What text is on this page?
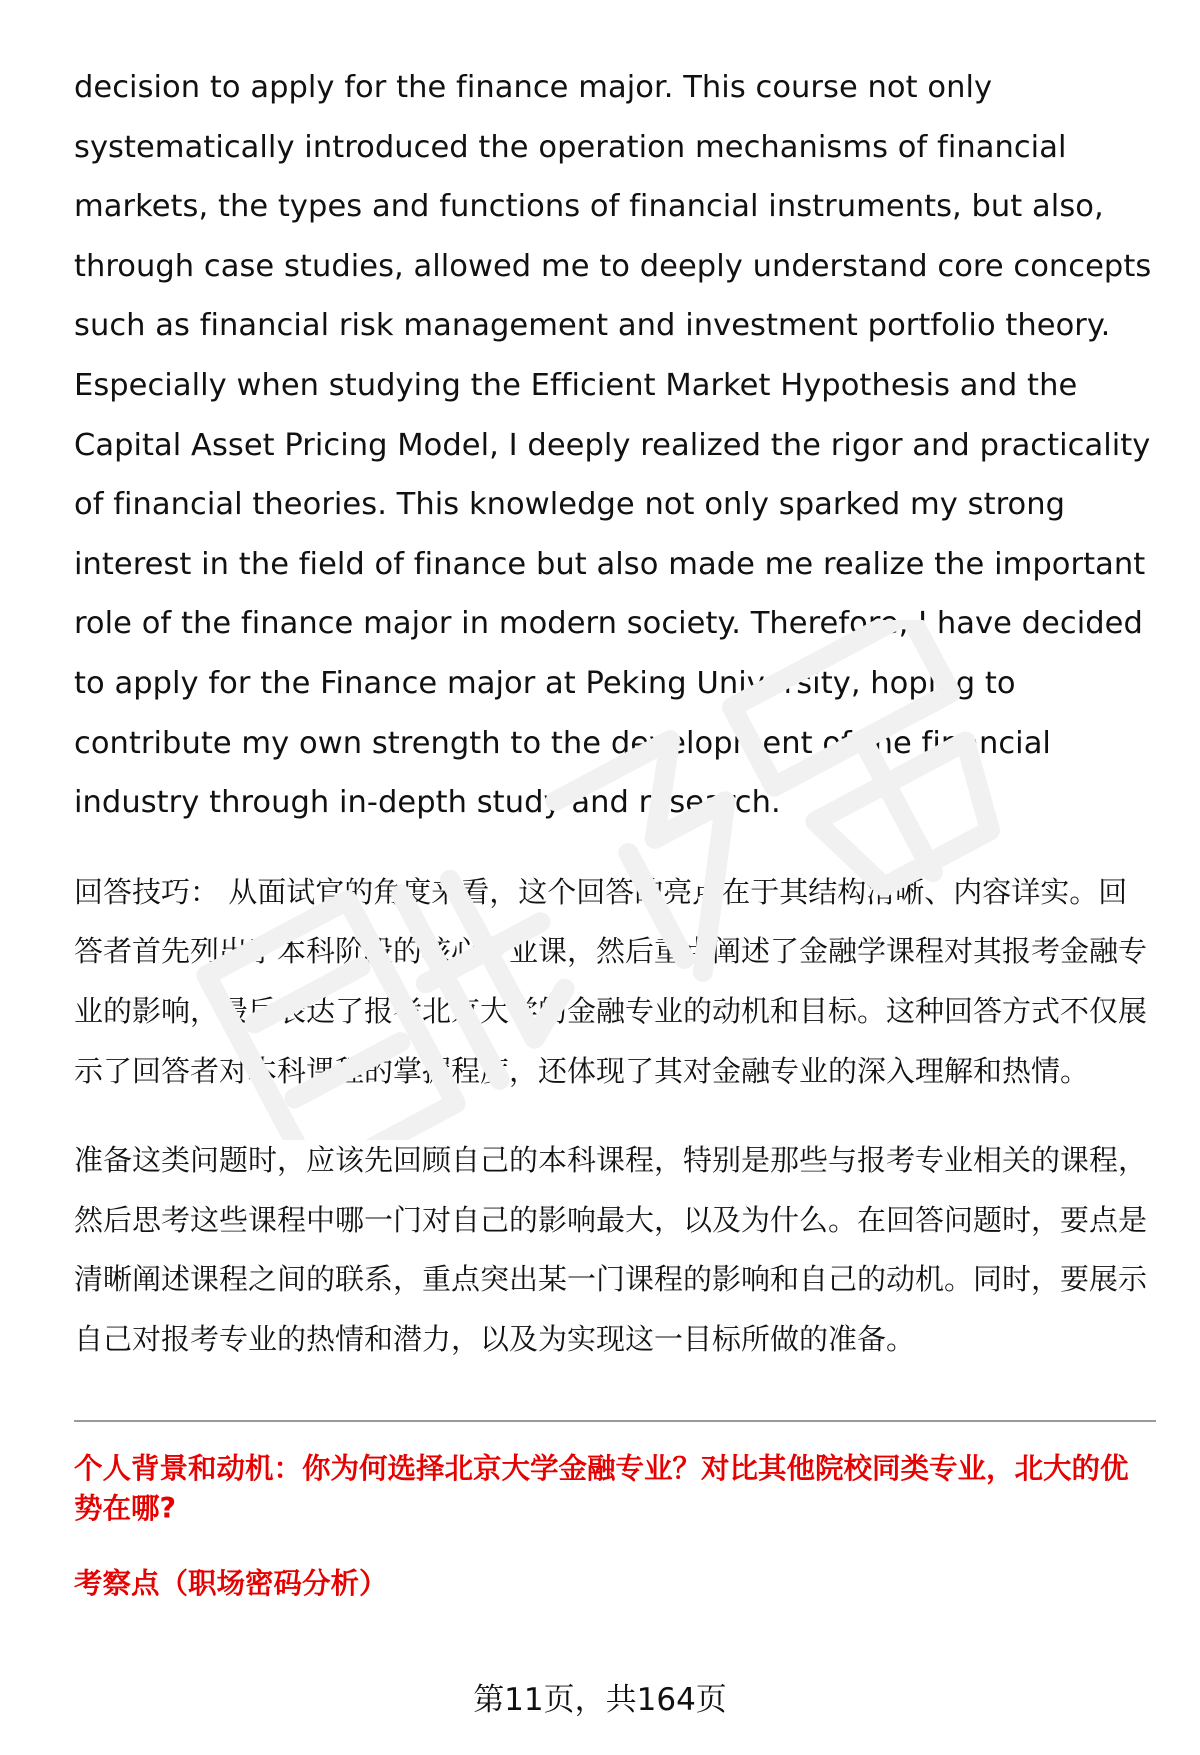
decision to apply for the finance major. This course not only systematically introduced the operation mechanisms of financial markets, the types and functions of financial instruments, but also, through case studies, allowed me to deeply understand core concepts such as financial risk management and investment portfolio theory. Especially when studying the Efficient Market Hypothesis and the Capital Asset Pricing Model, I deeply realized the rigor and practicality of financial theories. This knowledge not only sparked my strong interest in the field of finance but also made me realize the important role of the finance major in modern society. Therefore, I have decided to apply for the Finance major at Peking University, hoping to contribute my own strength to the development of the financial industry through in-depth study and research.

回答技巧： 从面试官的角度来看，这个回答的亮点在于其结构清晰、内容详实。回答者首先列出了本科阶段的核心专业课，然后重点阐述了金融学课程对其报考金融专业的影响，最后表达了报考北京大学的金融专业的动机和目标。这种回答方式不仅展示了回答者对本科课程的掌握程度，还体现了其对金融专业的深入理解和热情。

准备这类问题时，应该先回顾自己的本科课程，特别是那些与报考专业相关的课程，然后思考这些课程中哪一门对自己的影响最大，以及为什么。在回答问题时，要点是清晰阐述课程之间的联系，重点突出某一门课程的影响和自己的动机。同时，要展示自己对报考专业的热情和潜力，以及为实现这一目标所做的准备。

个人背景和动机：你为何选择北京大学金融专业？对比其他院校同类专业，北大的优势在哪?

考察点（职场密码分析）

第11页，共164页
